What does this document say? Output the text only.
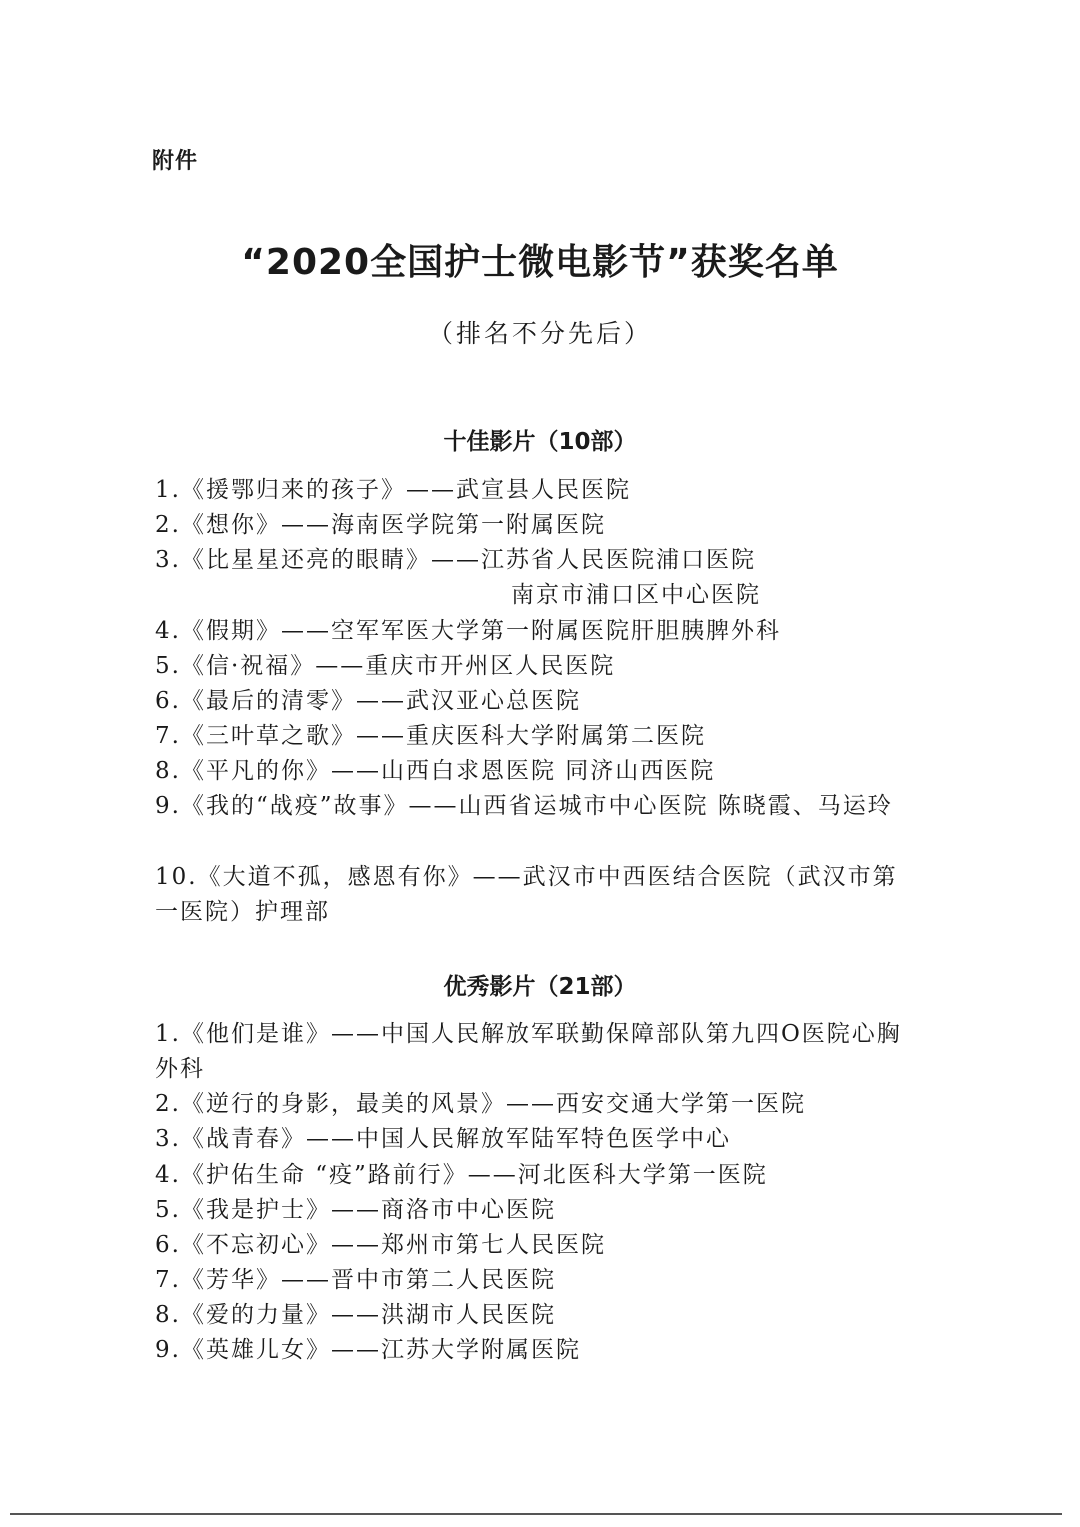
附件
“2020全国护士微电影节”获奖名单
（排名不分先后）
十佳影片（10部）
1.《援鄂归来的孩子》——武宣县人民医院
2.《想你》——海南医学院第一附属医院
3.《比星星还亮的眼睛》——江苏省人民医院浦口医院
南京市浦口区中心医院
4.《假期》——空军军医大学第一附属医院肝胆胰脾外科
5.《信·祝福》——重庆市开州区人民医院
6.《最后的清零》——武汉亚心总医院
7.《三叶草之歌》——重庆医科大学附属第二医院
8.《平凡的你》——山西白求恩医院 同济山西医院
9.《我的“战疫”故事》——山西省运城市中心医院 陈晓霞、马运玲
10.《大道不孤，感恩有你》——武汉市中西医结合医院（武汉市第一医院）护理部
优秀影片（21部）
1.《他们是谁》——中国人民解放军联勤保障部队第九四O医院心胸外科
2.《逆行的身影，最美的风景》——西安交通大学第一医院
3.《战青春》——中国人民解放军陆军特色医学中心
4.《护佑生命 “疫”路前行》——河北医科大学第一医院
5.《我是护士》——商洛市中心医院
6.《不忘初心》——郑州市第七人民医院
7.《芳华》——晋中市第二人民医院
8.《爱的力量》——洪湖市人民医院
9.《英雄儿女》——江苏大学附属医院
